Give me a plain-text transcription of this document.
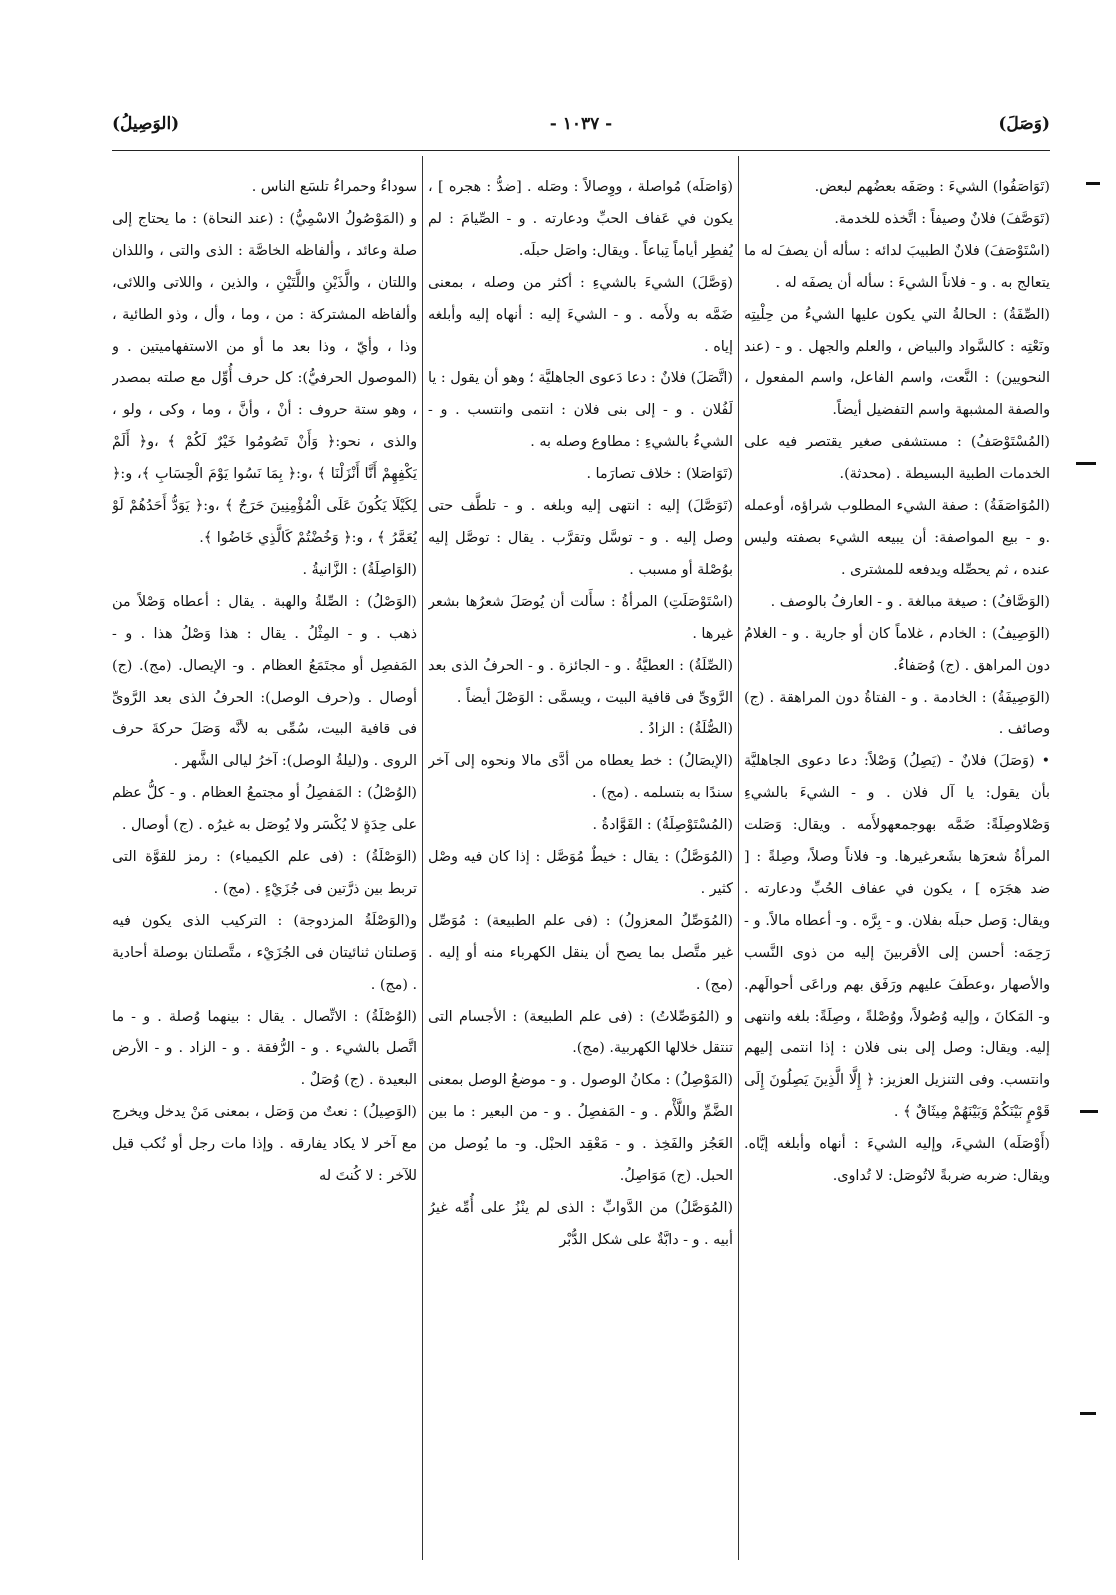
(وَصَلَ)
- ١٠٣٧ -
(الوَصِيلُ)

(تَوَاصَفُوا) الشيءَ : وصَفَه بعضُهم لبعض.

(تَوَصَّفَ) فلانٌ وصيفاً : اتَّخذه للخدمة.

(اسْتَوْصَفَ) فلانٌ الطبيبَ لدائه : سأله أن يصفَ له ما يتعالج به . و - فلاناً الشيءَ : سأله أن يصفَه له .

(الصِّفَةُ) : الحالةُ التي يكون عليها الشيءُ من حِلْيتِه ونَعْتِه : كالسَّواد والبياض ، والعلم والجهل . و - (عند النحويين) : النَّعت، واسم الفاعل، واسم المفعول ، والصفة المشبهة واسم التفضيل أيضاً.

(المُسْتَوْصَفُ) : مستشفى صغير يقتصر فيه على الخدمات الطبية البسيطة . (محدثة).

(المُوَاصَفَةُ) : صفة الشيء المطلوب شراؤه، أوعمله .و - بيع المواصفة: أن يبيعه الشيء بصفته وليس عنده ، ثم يحصِّله ويدفعه للمشترى .

(الوَصَّافُ) : صيغة مبالغة . و - العارفُ بالوصف .

(الوَصِيفُ) : الخادم ، غلاماً كان أو جارية . و - الغلامُ دون المراهق . (ج) وُصَفاءُ.

(الوَصِيفَةُ) : الخادمة . و - الفتاةُ دون المراهقة . (ج) وصائف .

• (وَصَلَ) فلانٌ - (يَصِلُ) وَصْلاً: دعا دعوى الجاهليَّة بأن يقول: يا آل فلان . و - الشيءَ بالشيءِ وَصْلاوصِلَةً: ضَمَّه بهوجمعهولأَمه . ويقال: وَصَلت المرأةُ شعرَها بشَعرغيرها. و- فلاناً وصلاً، وصِلةً : [ ضد هجَرَه ] ، يكون في عفاف الحُبِّ ودعارته . ويقال: وَصل حبلَه بفلان. و - بِرَّه . و- أعطاه مالاً. و - رَحِمَه: أحسن إلى الأقربينَ إليه من ذوى النَّسب والأصهار ،وعطَفَ عليهم ورَفَق بهم وراعَى أحوالَهم. و- المَكانَ ، وإليه وُصُولاً، ووُصْلةً ، وصِلَةً: بلغه وانتهى إليه. ويقال: وصل إلى بنى فلان : إذا انتمى إليهم وانتسب. وفى التنزيل العزيز: ﴿ إِلَّا الَّذِينَ يَصِلُونَ إِلَى قَوْمٍ بَيْنَكُمْ وَبَيْنَهُمْ مِيثَاقٌ ﴾ .

(أَوْصَلَه) الشيءَ، وإليه الشيءَ : أنهاه وأبلغه إيَّاه. ويقال: ضربه ضربةً لاتُوصَل: لا تُداوى.

(وَاصَلَه) مُواصلة ، ووِصالاً : وصَله . [ضدُّ : هجره ] ، يكون في عَفاف الحبِّ ودعارته . و - الصِّيامَ : لم يُفطِر أياماً تِباعاً . ويقال: واصَل حبلَه.

(وَصَّلَ) الشيءَ بالشيءِ : أكثر من وصله ، بمعنى ضَمَّه به ولأَمه . و - الشيءَ إليه : أنهاه إليه وأبلغه إياه .

(اتَّصَلَ) فلانٌ : دعا دَعوى الجاهليَّة ؛ وهو أن يقول : يا لَفُلان . و - إلى بنى فلان : انتمى وانتسب . و - الشيءُ بالشيءِ : مطاوع وصله به .

(تَوَاصَلا) : خلاف تصارَما .

(تَوَصَّلَ) إليه : انتهى إليه وبلغه . و - تلطَّف حتى وصل إليه . و - توسَّل وتقرَّب . يقال : توصَّل إليه بوُصْلة أو مسبب .

(اسْتَوْصَلَتِ) المرأةُ : سأَلت أن يُوصَلَ شعرُها بشعر غيرها .

(الصِّلَةُ) : العطيَّةُ . و - الجائزة . و - الحرفُ الذى بعد الرَّوىِّ فى قافية البيت ، ويسمَّى : الوَصْلَ أيضاً .

(الصُّلَةُ) : الزادُ .

(الإيصَالُ) : خط يعطاه من أدَّى مالا ونحوه إلى آخر سندًا به بتسلمه . (مج) .

(المُسْتَوْصِلَةُ) : القَوَّادةُ .

(المُوَصَّلُ) : يقال : خيطٌ مُوَصَّل : إذا كان فيه وصْل كثير .

(المُوَصِّلُ المعزولُ) : (فى علم الطبيعة) : مُوَصِّل غير متَّصل بما يصح أن ينقل الكهرباء منه أو إليه . (مج) .

و (المُوَصِّلاتُ) : (فى علم الطبيعة) : الأجسام التى تنتقل خلالها الكهربية. (مج).

(المَوْصِلُ) : مكانُ الوصول . و - موضعُ الوصل بمعنى الضَّمِّ واللَّأْم . و - المَفصِلُ . و - من البعير : ما بين العَجُز والفَخِذ . و - مَعْقِد الحبْل. و- ما يُوصل من الحبل. (ج) مَوَاصِلُ.

(المُوَصَّلُ) من الدَّوابِّ : الذى لم ينْزُ على أُمِّه غيرُ أبيه . و - دابَّةٌ على شكل الدُّبْر

سوداءُ وحمراءُ تلسَع الناس .

و (المَوْصُولُ الاسْمِيُّ) : (عند النحاة) : ما يحتاج إلى صلة وعائد ، وألفاظه الخاصَّة : الذى والتى ، واللذان واللتان ، والَّذَيْنِ واللَّتَيْنِ ، والذين ، واللاتى واللائى، وألفاظه المشتركة : من ، وما ، وأل ، وذو الطائية ، وذا ، وأيّ ، وذا بعد ما أو من الاستفهاميتين . و (الموصول الحرفيُّ): كل حرف أُوِّل مع صلته بمصدر ، وهو ستة حروف : أنْ ، وأنَّ ، وما ، وكى ، ولو ، والذى ، نحو:﴿ وَأَنْ تَصُومُوا خَيْرٌ لَكُمْ ﴾ ،و﴿ أَلَمْ يَكْفِهِمْ أَنَّا أَنْزَلْنَا ﴾ ،و:﴿ بِمَا نَسُوا يَوْمَ الْحِسَابِ ﴾، و:﴿ لِكَيْلَا يَكُونَ عَلَى الْمُؤْمِنِينَ حَرَجٌ ﴾ ،و:﴿ يَوَدُّ أَحَدُهُمْ لَوْ يُعَمَّرُ ﴾ ، و:﴿ وَخُضْتُمْ كَالَّذِي خَاضُوا ﴾.

(الوَاصِلَةُ) : الزَّانيةُ .

(الوَصْلُ) : الصِّلةُ والهبة . يقال : أعطاه وَصْلاً من ذهب . و - المِثْلُ . يقال : هذا وَصْلُ هذا . و - المَفصِل أو مجتَمَعُ العظام . و- الإيصال. (مج). (ج) أوصال . و(حرف الوصل): الحرفُ الذى بعد الرَّوىِّ فى قافية البيت، سُمِّى به لأنَّه وَصَلَ حركةَ حرف الروى . و(ليلةُ الوصل): آخرُ ليالى الشَّهر .

(الوُصْلُ) : المَفصِلُ أو مجتمعُ العظام . و - كلُّ عظم على حِدَةٍ لا يُكْسَر ولا يُوصَل به غيرُه . (ج) أوصال .

(الوَصْلَةُ) : (فى علم الكيمياء) : رمز للقوَّة التى تربط بين ذرَّتين فى جُزَيْءٍ . (مج) .

و(الوَصْلَةُ المزدوجة) : التركيب الذى يكون فيه وَصلتان ثنائيتان فى الجُزَيْء ، متَّصلتان بوصلة أحادية . (مج) .

(الوُصْلَةُ) : الاتِّصال . يقال : بينهما وُصلة . و - ما اتَّصل بالشيء . و - الرُّفقة . و - الزاد . و - الأرض البعيدة . (ج) وُصَلٌ .

(الوَصِيلُ) : نعتٌ من وَصَل ، بمعنى مَنْ يدخل ويخرج مع آخر لا يكاد يفارقه . وإذا مات رجل أو نُكب قيل للآخر : لا كُنتَ له
